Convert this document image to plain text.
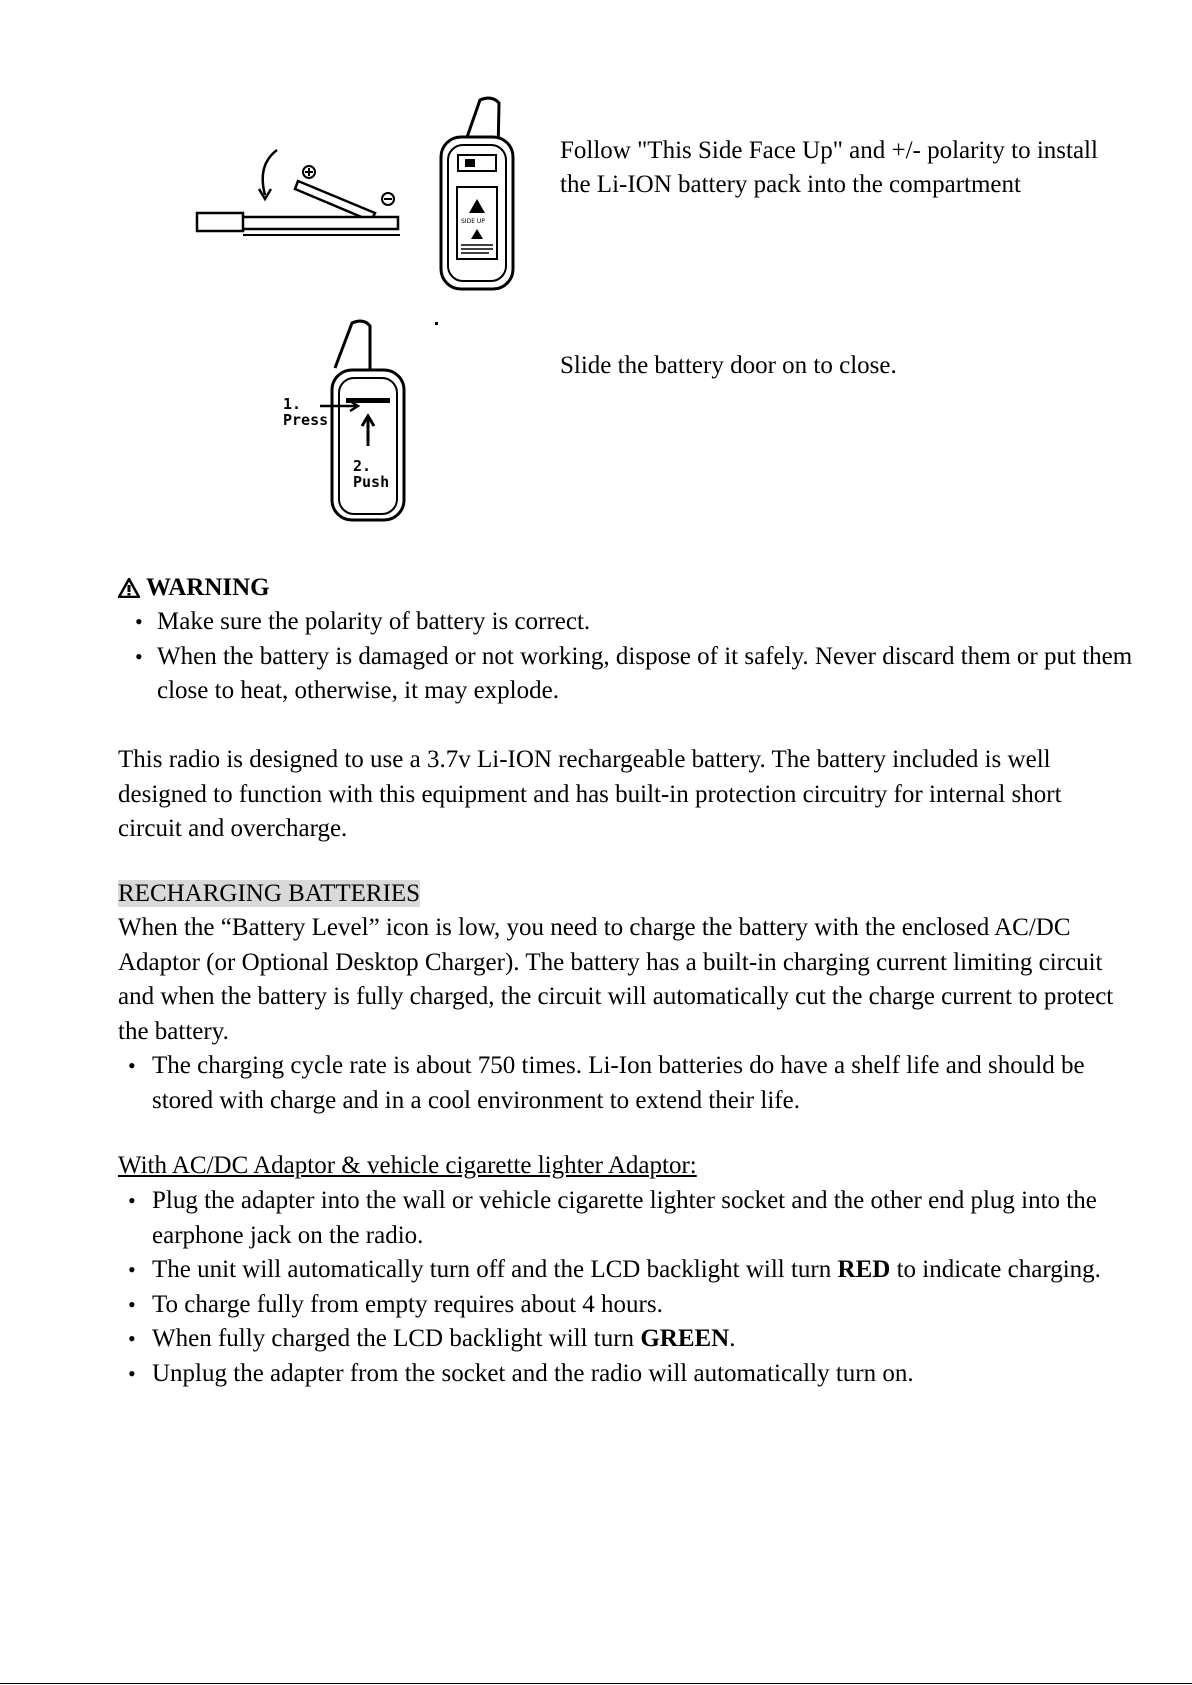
SIDE UP
1. Press
2. Push
Follow "This Side Face Up" and +/- polarity to install the Li-ION battery pack into the compartment
Slide the battery door on to close.
WARNING
• Make sure the polarity of battery is correct.
• When the battery is damaged or not working, dispose of it safely. Never discard them or put them close to heat, otherwise, it may explode.

This radio is designed to use a 3.7v Li-ION rechargeable battery. The battery included is well designed to function with this equipment and has built-in protection circuitry for internal short circuit and overcharge.

RECHARGING BATTERIES

When the “Battery Level” icon is low, you need to charge the battery with the enclosed AC/DC Adaptor (or Optional Desktop Charger). The battery has a built-in charging current limiting circuit and when the battery is fully charged, the circuit will automatically cut the charge current to protect the battery.

• The charging cycle rate is about 750 times. Li-Ion batteries do have a shelf life and should be stored with charge and in a cool environment to extend their life.
With AC/DC Adaptor & vehicle cigarette lighter Adaptor:
• Plug the adapter into the wall or vehicle cigarette lighter socket and the other end plug into the earphone jack on the radio.
• The unit will automatically turn off and the LCD backlight will turn RED to indicate charging.
• To charge fully from empty requires about 4 hours.
• When fully charged the LCD backlight will turn GREEN.
• Unplug the adapter from the socket and the radio will automatically turn on.
